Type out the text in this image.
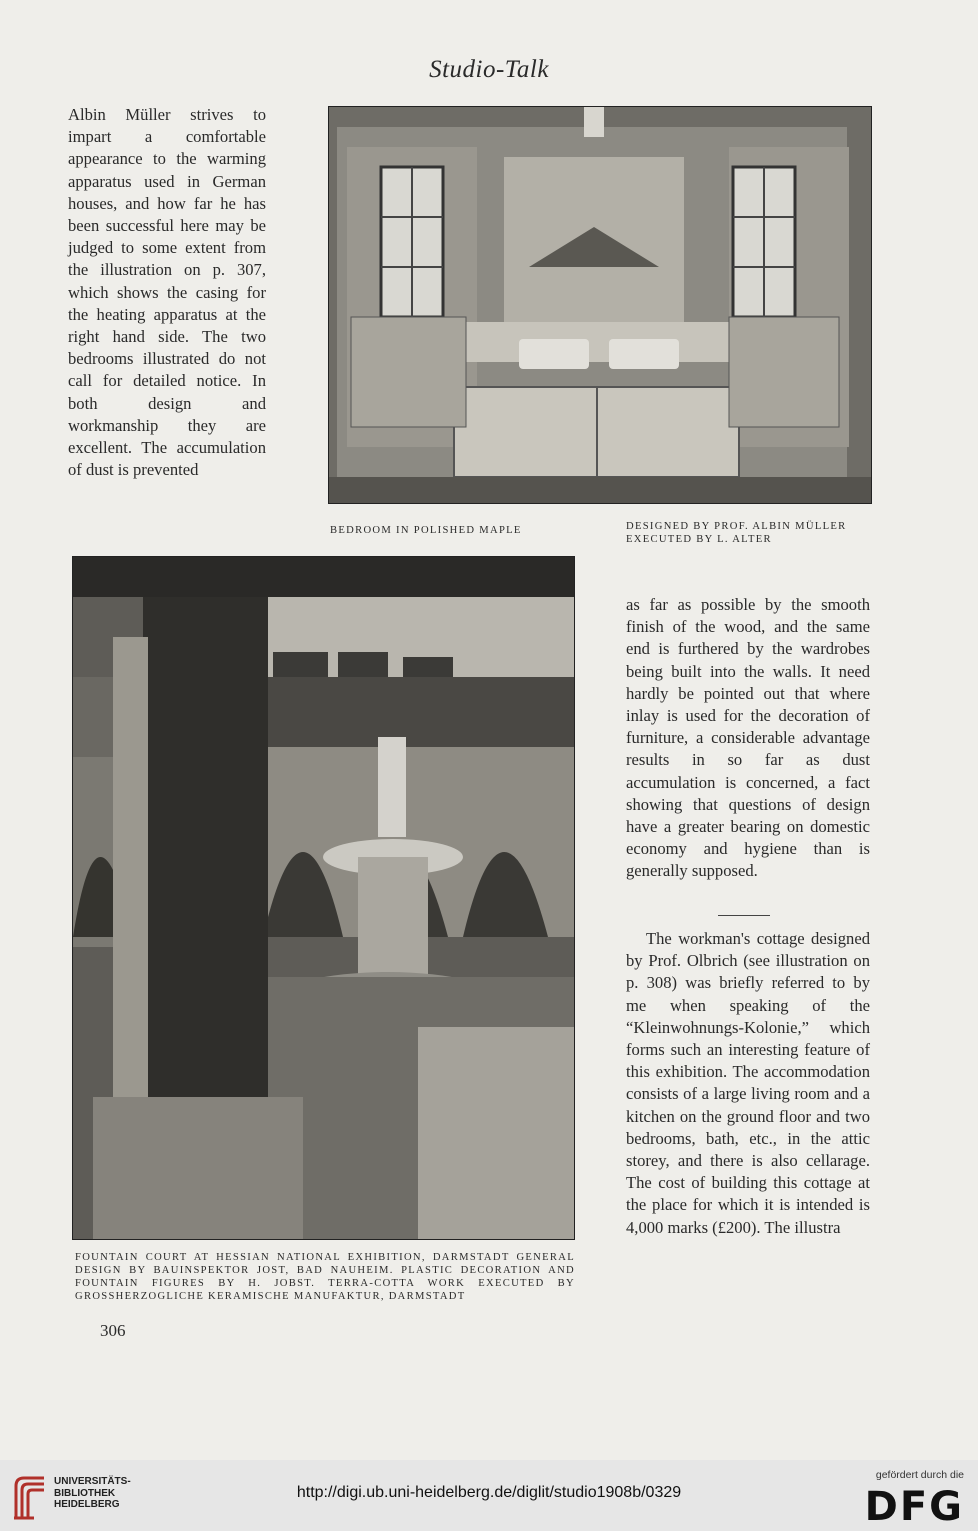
Studio-Talk

Albin Müller strives to impart a comfortable appearance to the warming apparatus used in German houses, and how far he has been successful here may be judged to some extent from the illustration on p. 307, which shows the casing for the heating apparatus at the right hand side. The two bedrooms illustrated do not call for detailed notice. In both design and workmanship they are excellent. The accumulation of dust is prevented

BEDROOM IN POLISHED MAPLE	DESIGNED BY PROF. ALBIN MÜLLER
EXECUTED BY L. ALTER
FOUNTAIN COURT AT HESSIAN NATIONAL EXHIBITION, DARMSTADT GENERAL DESIGN BY BAUINSPEKTOR JOST, BAD NAUHEIM. PLASTIC DECORATION AND FOUNTAIN FIGURES BY H. JOBST. TERRA-COTTA WORK EXECUTED BY GROSSHERZOGLICHE KERAMISCHE MANUFAKTUR, DARMSTADT

as far as possible by the smooth finish of the wood, and the same end is furthered by the wardrobes being built into the walls. It need hardly be pointed out that where inlay is used for the decoration of furniture, a considerable advantage results in so far as dust accumulation is concerned, a fact showing that questions of design have a greater bearing on domestic economy and hygiene than is generally supposed.

The workman's cottage designed by Prof. Olbrich (see illustration on p. 308) was briefly referred to by me when speaking of the “Kleinwohnungs-Kolonie,” which forms such an interesting feature of this exhibition. The accommodation consists of a large living room and a kitchen on the ground floor and two bedrooms, bath, etc., in the attic storey, and there is also cellarage. The cost of building this cottage at the place for which it is intended is 4,000 marks (£200). The illustra

306
UNIVERSITÄTS-
BIBLIOTHEK
HEIDELBERG
http://digi.ub.uni-heidelberg.de/diglit/studio1908b/0329
gefördert durch die
DFG
